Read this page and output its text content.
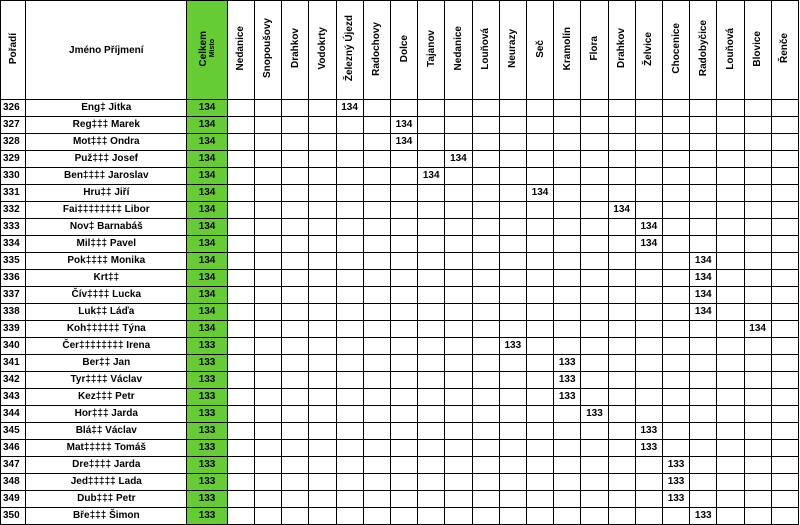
Pořadí	Jméno Příjmení	Celkem Místo	Nedanice	Snopoušovy	Drahkov	Vodokrty	Železný Újezd	Radochovy	Dolce	Tajanov	Nedanice	Louňová	Neurazy	Seč	Kramolín	Flora	Drahkov	Želvice	Chocenice	Radobyčice	Louňová	Blovice	Řenče
326	Eng‡ Jitka	134					134																
327	Reg‡‡‡ Marek	134							134														
328	Mot‡‡‡ Ondra	134							134														
329	Puž‡‡‡ Josef	134									134												
330	Ben‡‡‡‡ Jaroslav	134								134													
331	Hru‡‡ Jiří	134												134									
332	Fai‡‡‡‡‡‡‡‡ Libor	134															134						
333	Nov‡ Barnabáš	134																134					
334	Mil‡‡‡ Pavel	134																134					
335	Pok‡‡‡‡ Monika	134																		134			
336	Krt‡‡	134																		134			
337	Čív‡‡‡‡ Lucka	134																		134			
338	Luk‡‡ Láďa	134																		134			
339	Koh‡‡‡‡‡‡ Týna	134																				134	
340	Čer‡‡‡‡‡‡‡‡ Irena	133											133										
341	Ber‡‡ Jan	133													133								
342	Tyr‡‡‡‡ Václav	133													133								
343	Kez‡‡‡ Petr	133													133								
344	Hor‡‡‡ Jarda	133														133							
345	Blá‡‡ Václav	133																133					
346	Mat‡‡‡‡‡ Tomáš	133																133					
347	Dre‡‡‡‡ Jarda	133																	133				
348	Jed‡‡‡‡‡ Lada	133																	133				
349	Dub‡‡‡ Petr	133																	133				
350	Bře‡‡‡ Šimon	133																		133			
